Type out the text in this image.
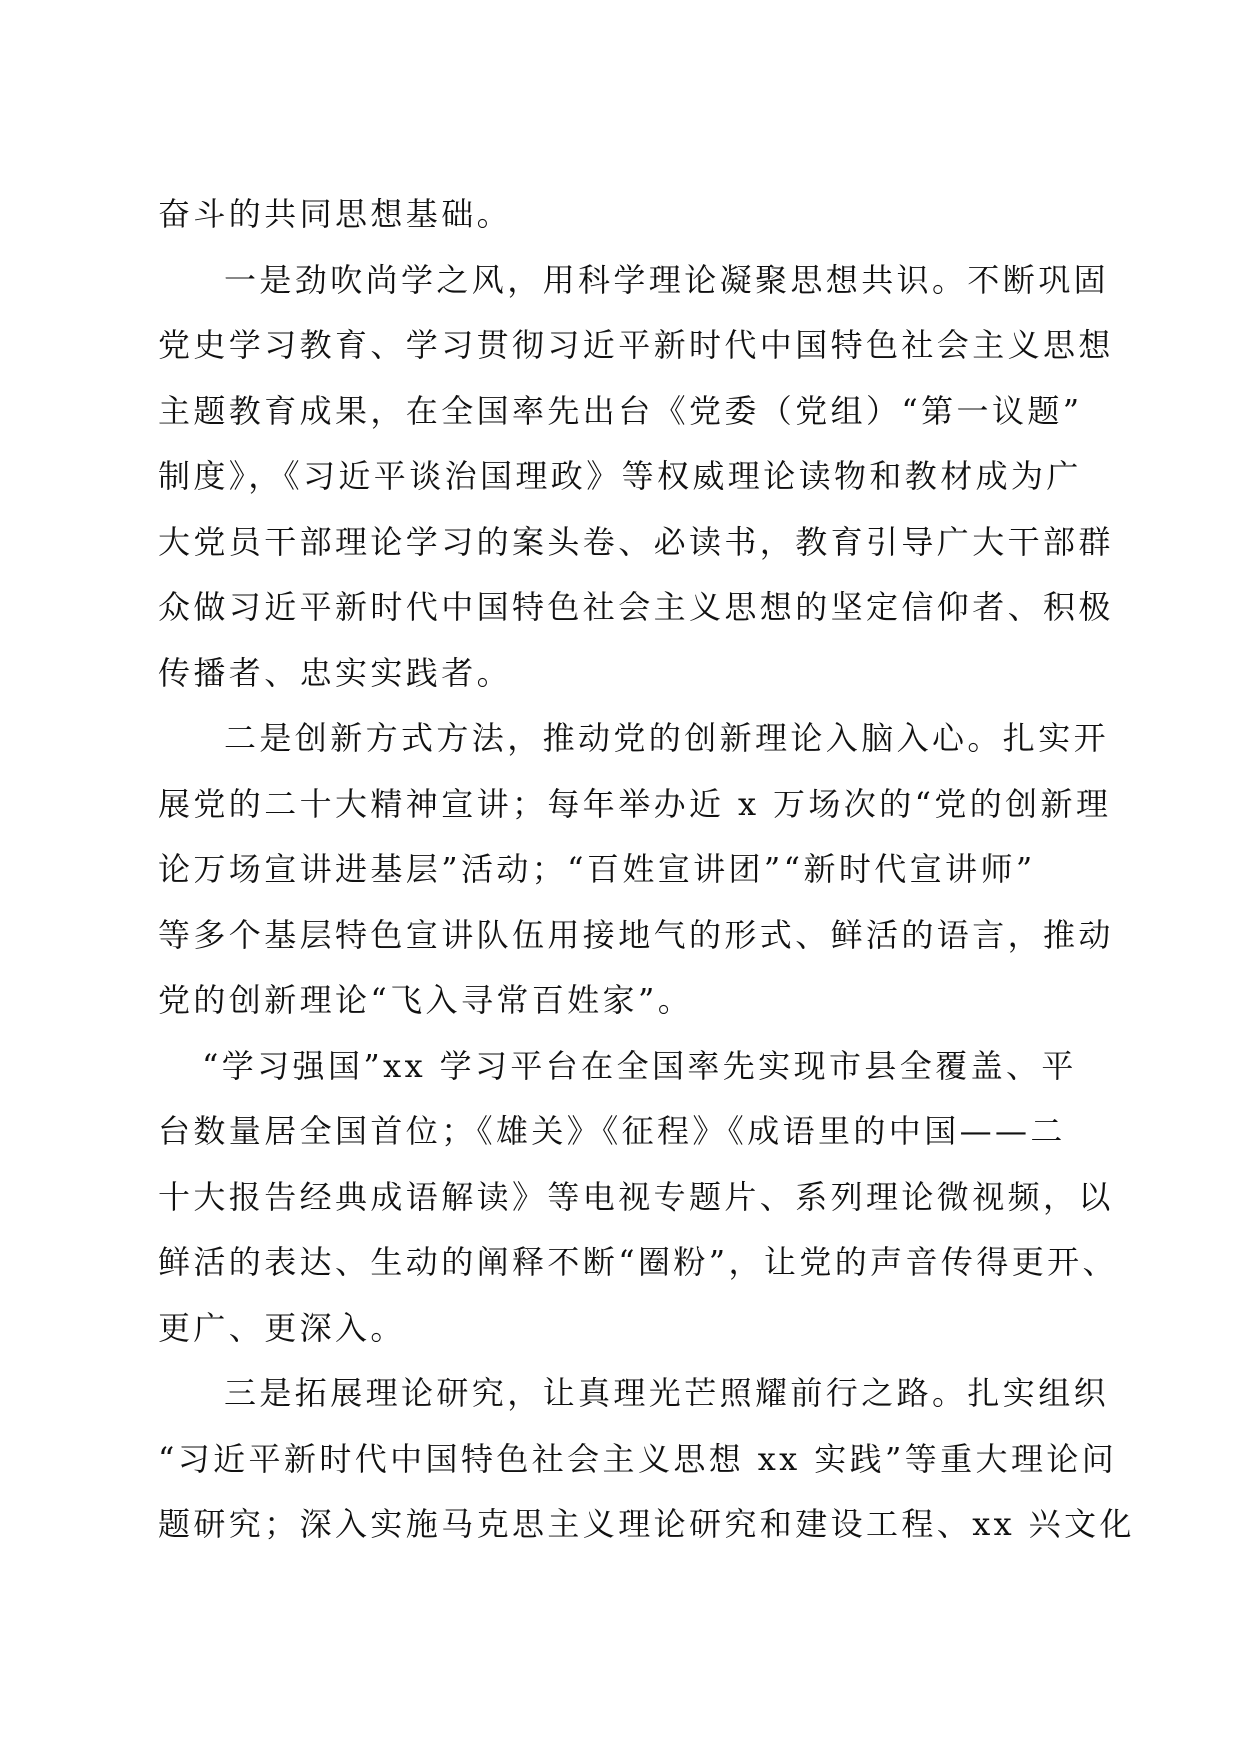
奋斗的共同思想基础。
一是劲吹尚学之风，用科学理论凝聚思想共识。不断巩固
党史学习教育、学习贯彻习近平新时代中国特色社会主义思想
主题教育成果，在全国率先出台《党委（党组）“第一议题”
制度》，《习近平谈治国理政》等权威理论读物和教材成为广
大党员干部理论学习的案头卷、必读书，教育引导广大干部群
众做习近平新时代中国特色社会主义思想的坚定信仰者、积极
传播者、忠实实践者。
二是创新方式方法，推动党的创新理论入脑入心。扎实开
展党的二十大精神宣讲；每年举办近 x 万场次的“党的创新理
论万场宣讲进基层”活动；“百姓宣讲团”“新时代宣讲师”
等多个基层特色宣讲队伍用接地气的形式、鲜活的语言，推动
党的创新理论“飞入寻常百姓家”。
“学习强国”xx 学习平台在全国率先实现市县全覆盖、平
台数量居全国首位；《雄关》《征程》《成语里的中国——二
十大报告经典成语解读》等电视专题片、系列理论微视频，以
鲜活的表达、生动的阐释不断“圈粉”，让党的声音传得更开、
更广、更深入。
三是拓展理论研究，让真理光芒照耀前行之路。扎实组织
“习近平新时代中国特色社会主义思想 xx 实践”等重大理论问
题研究；深入实施马克思主义理论研究和建设工程、xx 兴文化
